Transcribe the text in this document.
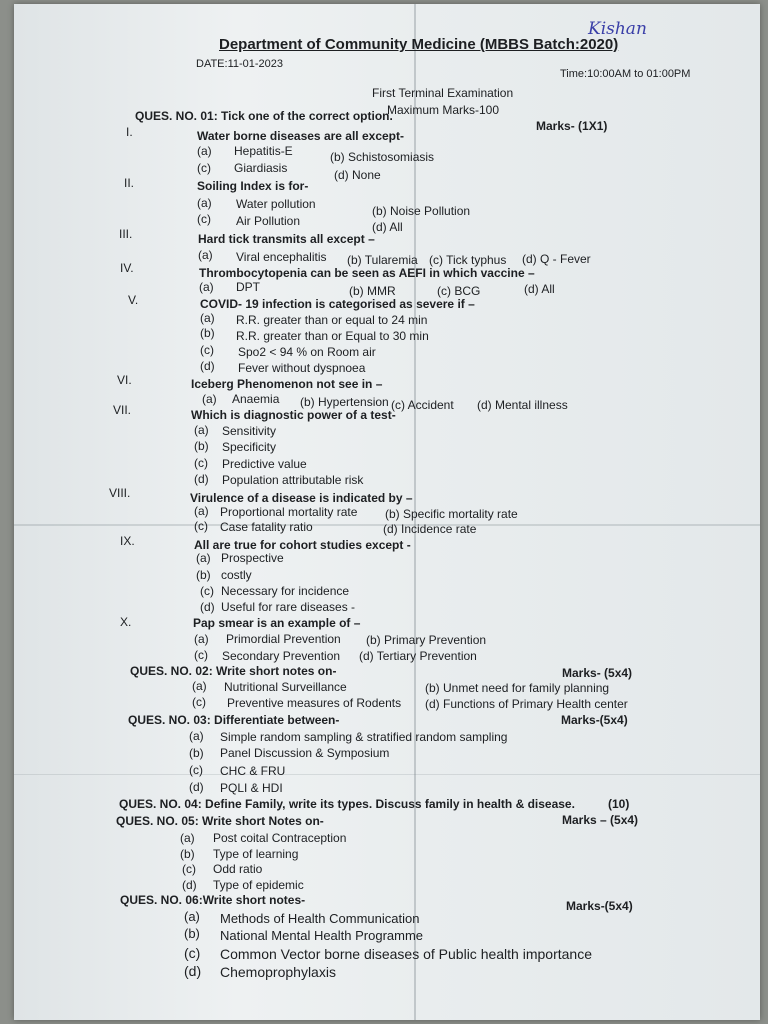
Kishan
Department of Community Medicine (MBBS Batch:2020)
DATE:11-01-2023
Time:10:00AM to 01:00PM
First Terminal Examination
Maximum Marks-100
QUES. NO. 01: Tick one of the correct option.
Marks- (1X1)
I.	Water borne diseases are all except-
(a) Hepatitis-E	(b) Schistosomiasis
(c) Giardiasis	(d) None
II.	Soiling Index is for-
(a) Water pollution	(b) Noise Pollution
(c) Air Pollution	(d) All
III.	Hard tick transmits all except –
(a) Viral encephalitis (b) Tularemia (c) Tick typhus (d) Q - Fever
IV.	Thrombocytopenia can be seen as AEFI in which vaccine –
(a) DPT	(b) MMR	(c) BCG	(d) All
V.	COVID- 19 infection is categorised as severe if –
(a) R.R. greater than or equal to 24 min
(b) R.R. greater than or Equal to 30 min
(c) Spo2 < 94 % on Room air
(d) Fever without dyspnoea
VI.	Iceberg Phenomenon not see in –
(a) Anaemia (b) Hypertension (c) Accident (d) Mental illness
VII.	Which is diagnostic power of a test-
(a) Sensitivity
(b) Specificity
(c) Predictive value
(d) Population attributable risk
VIII.	Virulence of a disease is indicated by –
(a) Proportional mortality rate (b) Specific mortality rate
(c) Case fatality ratio	(d) Incidence rate
IX.	All are true for cohort studies except -
(a) Prospective
(b) costly
(c) Necessary for incidence
(d) Useful for rare diseases -
X.	Pap smear is an example of –
(a) Primordial Prevention (b) Primary Prevention
(c) Secondary Prevention (d) Tertiary Prevention
QUES. NO. 02: Write short notes on-	Marks- (5x4)
(a) Nutritional Surveillance	(b) Unmet need for family planning
(c) Preventive measures of Rodents (d) Functions of Primary Health center
QUES. NO. 03: Differentiate between-	Marks-(5x4)
(a) Simple random sampling & stratified random sampling
(b) Panel Discussion & Symposium
(c) CHC & FRU
(d) PQLI & HDI
QUES. NO. 04: Define Family, write its types. Discuss family in health & disease.	(10)
QUES. NO. 05: Write short Notes on-	Marks – (5x4)
(a) Post coital Contraception
(b) Type of learning
(c) Odd ratio
(d) Type of epidemic
QUES. NO. 06:Write short notes-	Marks-(5x4)
(a) Methods of Health Communication
(b) National Mental Health Programme
(c) Common Vector borne diseases of Public health importance
(d) Chemoprophylaxis
